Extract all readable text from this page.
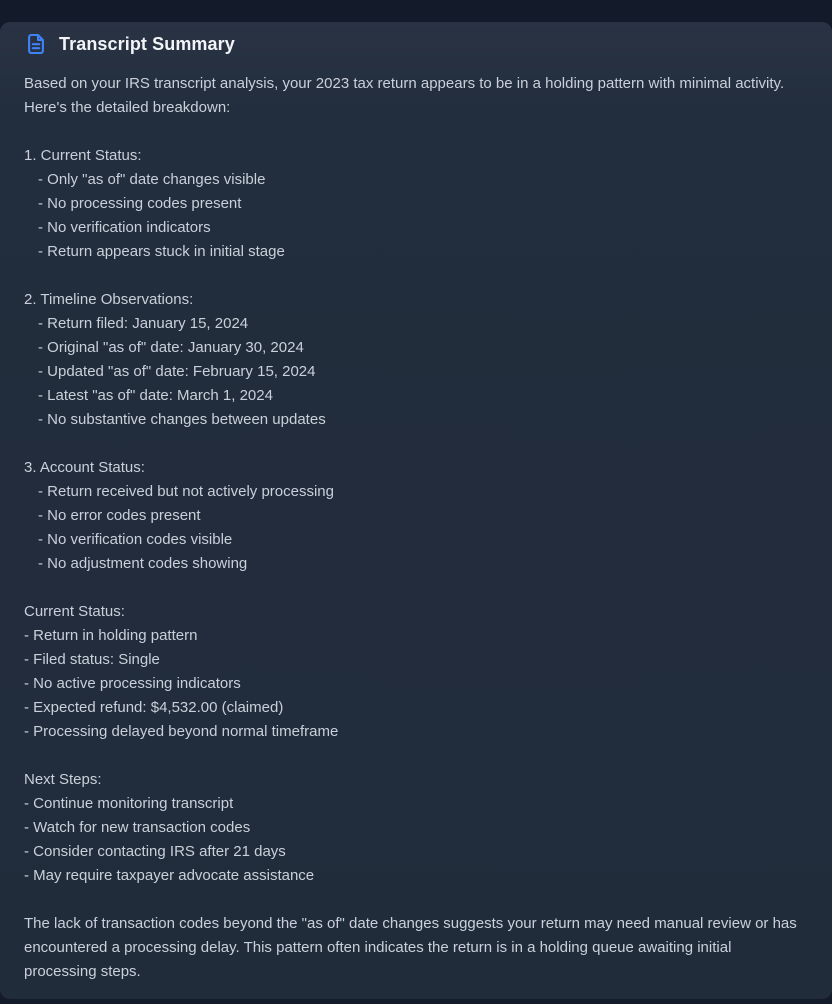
Transcript Summary
Based on your IRS transcript analysis, your 2023 tax return appears to be in a holding pattern with minimal activity. Here's the detailed breakdown:
1. Current Status:
- Only "as of" date changes visible
- No processing codes present
- No verification indicators
- Return appears stuck in initial stage
2. Timeline Observations:
- Return filed: January 15, 2024
- Original "as of" date: January 30, 2024
- Updated "as of" date: February 15, 2024
- Latest "as of" date: March 1, 2024
- No substantive changes between updates
3. Account Status:
- Return received but not actively processing
- No error codes present
- No verification codes visible
- No adjustment codes showing
Current Status:
- Return in holding pattern
- Filed status: Single
- No active processing indicators
- Expected refund: $4,532.00 (claimed)
- Processing delayed beyond normal timeframe
Next Steps:
- Continue monitoring transcript
- Watch for new transaction codes
- Consider contacting IRS after 21 days
- May require taxpayer advocate assistance
The lack of transaction codes beyond the "as of" date changes suggests your return may need manual review or has encountered a processing delay. This pattern often indicates the return is in a holding queue awaiting initial processing steps.
